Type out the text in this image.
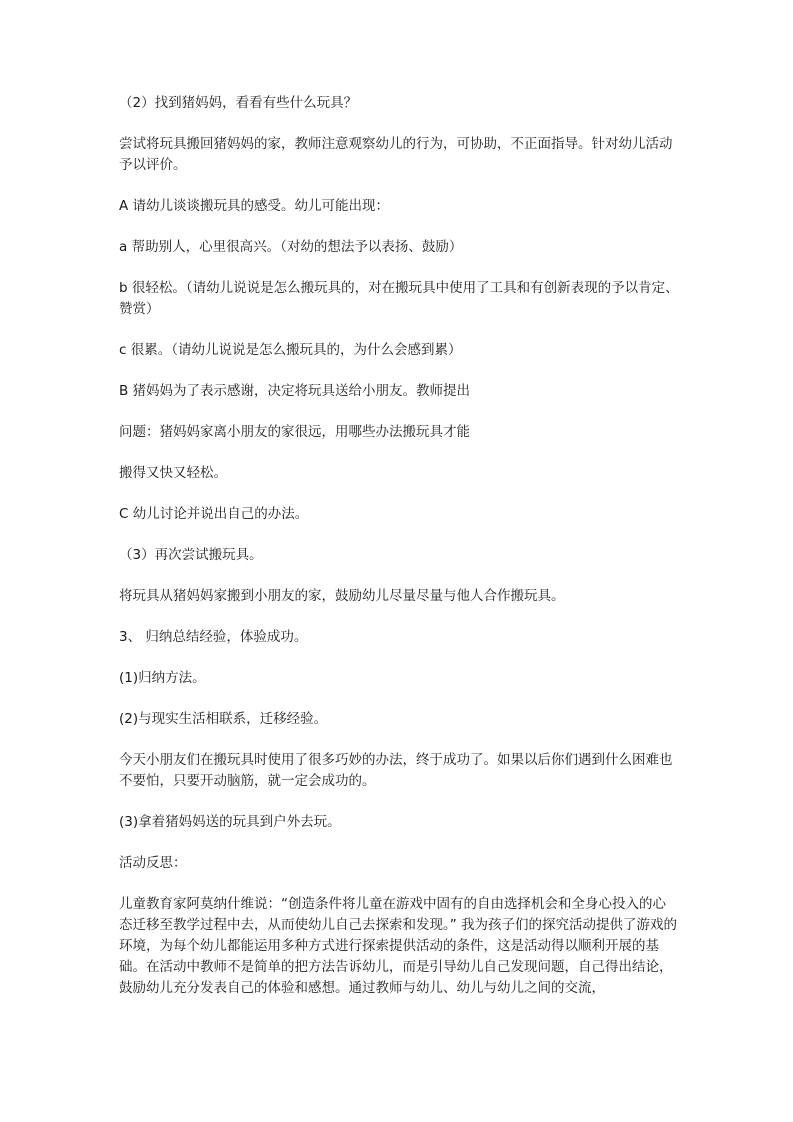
（2）找到猪妈妈，看看有些什么玩具？

尝试将玩具搬回猪妈妈的家，教师注意观察幼儿的行为，可协助，不正面指导。针对幼儿活动予以评价。

A 请幼儿谈谈搬玩具的感受。幼儿可能出现：

a 帮助别人，心里很高兴。（对幼的想法予以表扬、鼓励）

b 很轻松。（请幼儿说说是怎么搬玩具的，对在搬玩具中使用了工具和有创新表现的予以肯定、赞赏）

c 很累。（请幼儿说说是怎么搬玩具的，为什么会感到累）

B 猪妈妈为了表示感谢，决定将玩具送给小朋友。教师提出

问题：猪妈妈家离小朋友的家很远，用哪些办法搬玩具才能

搬得又快又轻松。

C 幼儿讨论并说出自己的办法。

（3）再次尝试搬玩具。

将玩具从猪妈妈家搬到小朋友的家，鼓励幼儿尽量尽量与他人合作搬玩具。

3、 归纳总结经验，体验成功。

(1)归纳方法。

(2)与现实生活相联系，迁移经验。

今天小朋友们在搬玩具时使用了很多巧妙的办法，终于成功了。如果以后你们遇到什么困难也不要怕，只要开动脑筋，就一定会成功的。

(3)拿着猪妈妈送的玩具到户外去玩。

活动反思：

儿童教育家阿莫纳什维说：“创造条件将儿童在游戏中固有的自由选择机会和全身心投入的心态迁移至教学过程中去，从而使幼儿自己去探索和发现。” 我为孩子们的探究活动提供了游戏的环境，为每个幼儿都能运用多种方式进行探索提供活动的条件，这是活动得以顺利开展的基础。在活动中教师不是简单的把方法告诉幼儿，而是引导幼儿自己发现问题，自己得出结论，鼓励幼儿充分发表自己的体验和感想。通过教师与幼儿、幼儿与幼儿之间的交流，
